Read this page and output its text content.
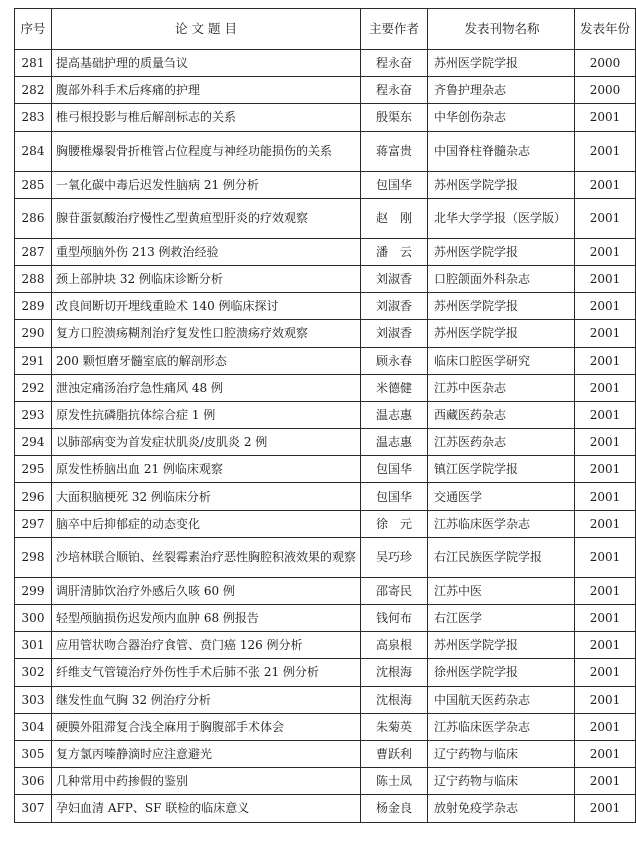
序号	论 文 题 目	主要作者	发表刊物名称	发表年份
281	提高基础护理的质量刍议	程永奋	苏州医学院学报	2000
282	腹部外科手术后疼痛的护理	程永奋	齐鲁护理杂志	2000
283	椎弓根投影与椎后解剖标志的关系	殷渠东	中华创伤杂志	2001
284	胸腰椎爆裂骨折椎管占位程度与神经功能损伤的关系	蒋富贵	中国脊柱脊髓杂志	2001
285	一氧化碳中毒后迟发性脑病 21 例分析	包国华	苏州医学院学报	2001
286	腺苷蛋氨酸治疗慢性乙型黄疸型肝炎的疗效观察	赵　刚	北华大学学报（医学版）	2001
287	重型颅脑外伤 213 例救治经验	潘　云	苏州医学院学报	2001
288	颈上部肿块 32 例临床诊断分析	刘淑香	口腔颌面外科杂志	2001
289	改良间断切开埋线重睑术 140 例临床探讨	刘淑香	苏州医学院学报	2001
290	复方口腔溃疡糊剂治疗复发性口腔溃疡疗效观察	刘淑香	苏州医学院学报	2001
291	200 颗恒磨牙髓室底的解剖形态	顾永春	临床口腔医学研究	2001
292	泄浊定痛汤治疗急性痛风 48 例	米德健	江苏中医杂志	2001
293	原发性抗磷脂抗体综合症 1 例	温志惠	西藏医药杂志	2001
294	以肺部病变为首发症状肌炎/皮肌炎 2 例	温志惠	江苏医药杂志	2001
295	原发性桥脑出血 21 例临床观察	包国华	镇江医学院学报	2001
296	大面积脑梗死 32 例临床分析	包国华	交通医学	2001
297	脑卒中后抑郁症的动态变化	徐　元	江苏临床医学杂志	2001
298	沙培林联合顺铂、丝裂霉素治疗恶性胸腔积液效果的观察	吴巧珍	右江民族医学院学报	2001
299	调肝清肺饮治疗外感后久咳 60 例	邵寄民	江苏中医	2001
300	轻型颅脑损伤迟发颅内血肿 68 例报告	钱何布	右江医学	2001
301	应用管状吻合器治疗食管、贲门癌 126 例分析	高泉根	苏州医学院学报	2001
302	纤维支气管镜治疗外伤性手术后肺不张 21 例分析	沈根海	徐州医学院学报	2001
303	继发性血气胸 32 例治疗分析	沈根海	中国航天医药杂志	2001
304	硬膜外阻滞复合浅全麻用于胸腹部手术体会	朱菊英	江苏临床医学杂志	2001
305	复方氯丙嗪静滴时应注意避光	曹跃利	辽宁药物与临床	2001
306	几种常用中药掺假的鉴别	陈士凤	辽宁药物与临床	2001
307	孕妇血清 AFP、SF 联检的临床意义	杨金良	放射免疫学杂志	2001
